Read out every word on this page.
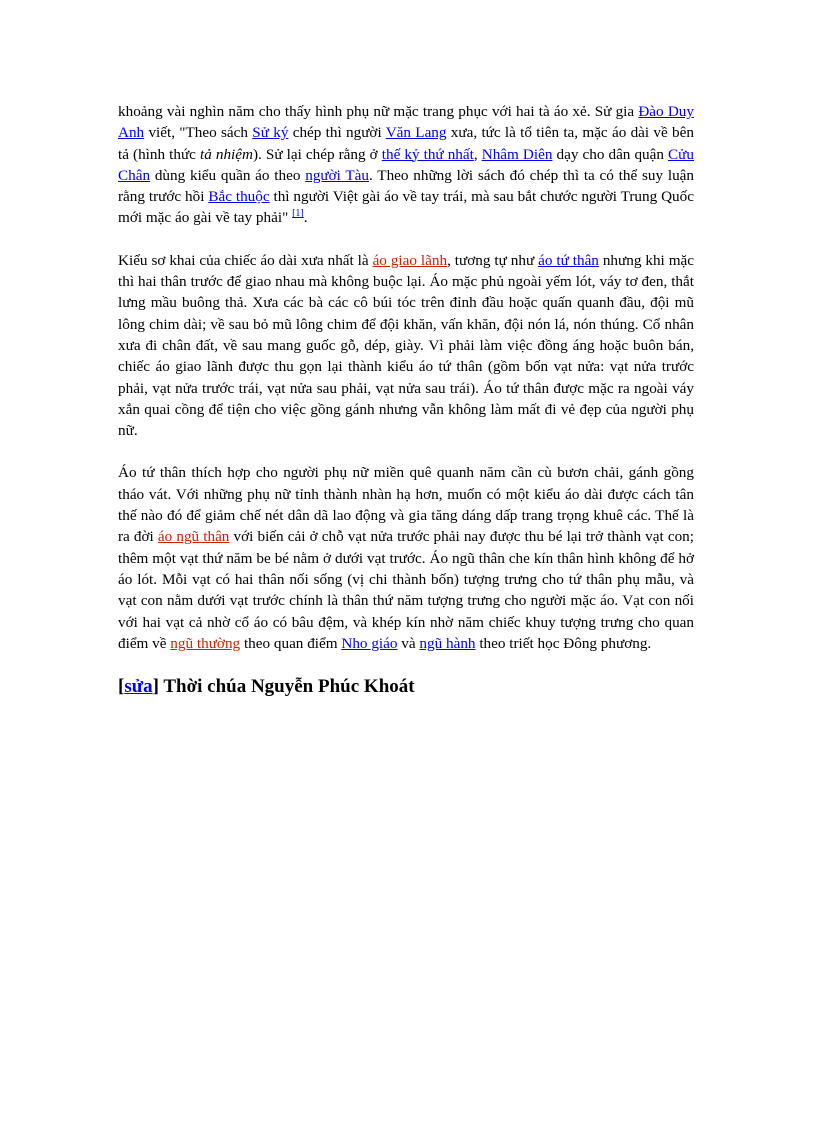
khoảng vài nghìn năm cho thấy hình phụ nữ mặc trang phục với hai tà áo xẻ. Sử gia Đào Duy Anh viết, "Theo sách Sử ký chép thì người Văn Lang xưa, tức là tổ tiên ta, mặc áo dài về bên tả (hình thức tả nhiệm). Sử lại chép rằng ở thế kỷ thứ nhất, Nhâm Diên dạy cho dân quận Cửu Chân dùng kiểu quần áo theo người Tàu. Theo những lời sách đó chép thì ta có thể suy luận rằng trước hồi Bắc thuộc thì người Việt gài áo về tay trái, mà sau bắt chước người Trung Quốc mới mặc áo gài về tay phải" [1].

Kiểu sơ khai của chiếc áo dài xưa nhất là áo giao lãnh, tương tự như áo tứ thân nhưng khi mặc thì hai thân trước để giao nhau mà không buộc lại. Áo mặc phủ ngoài yếm lót, váy tơ đen, thắt lưng mầu buông thả. Xưa các bà các cô búi tóc trên đỉnh đầu hoặc quấn quanh đầu, đội mũ lông chim dài; về sau bỏ mũ lông chim để đội khăn, vấn khăn, đội nón lá, nón thúng. Cổ nhân xưa đi chân đất, về sau mang guốc gỗ, dép, giày. Vì phải làm việc đồng áng hoặc buôn bán, chiếc áo giao lãnh được thu gọn lại thành kiểu áo tứ thân (gồm bốn vạt nửa: vạt nửa trước phải, vạt nửa trước trái, vạt nửa sau phải, vạt nửa sau trái). Áo tứ thân được mặc ra ngoài váy xắn quai cồng để tiện cho việc gồng gánh nhưng vẫn không làm mất đi vẻ đẹp của người phụ nữ.

Áo tứ thân thích hợp cho người phụ nữ miền quê quanh năm cần cù bươn chải, gánh gồng tháo vát. Với những phụ nữ tỉnh thành nhàn hạ hơn, muốn có một kiểu áo dài được cách tân thế nào đó để giảm chế nét dân dã lao động và gia tăng dáng dấp trang trọng khuê các. Thế là ra đời áo ngũ thân với biến cải ở chỗ vạt nửa trước phải nay được thu bé lại trở thành vạt con; thêm một vạt thứ năm be bé nằm ở dưới vạt trước. Áo ngũ thân che kín thân hình không để hở áo lót. Mỗi vạt có hai thân nối sống (vị chi thành bốn) tượng trưng cho tứ thân phụ mẫu, và vạt con nằm dưới vạt trước chính là thân thứ năm tượng trưng cho người mặc áo. Vạt con nối với hai vạt cả nhờ cổ áo có bâu đệm, và khép kín nhờ năm chiếc khuy tượng trưng cho quan điểm về ngũ thường theo quan điểm Nho giáo và ngũ hành theo triết học Đông phương.

[sửa] Thời chúa Nguyễn Phúc Khoát
